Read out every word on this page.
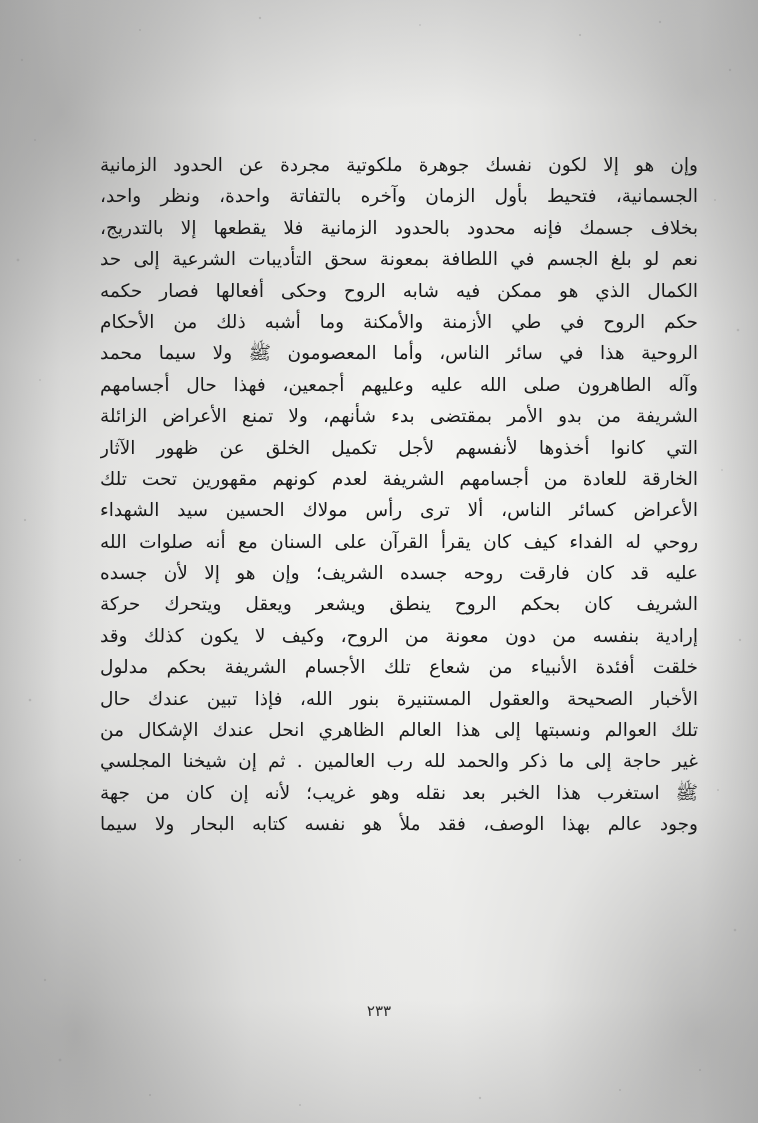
وإن هو إلا لكون نفسك جوهرة ملكوتية مجردة عن الحدود الزمانية
الجسمانية، فتحيط بأول الزمان وآخره بالتفاتة واحدة، ونظر واحد،
بخلاف جسمك فإنه محدود بالحدود الزمانية فلا يقطعها إلا بالتدريج،
نعم لو بلغ الجسم في اللطافة بمعونة سحق التأديبات الشرعية إلى حد
الكمال الذي هو ممكن فيه شابه الروح وحكى أفعالها فصار حكمه
حكم الروح في طي الأزمنة والأمكنة وما أشبه ذلك من الأحكام
الروحية هذا في سائر الناس، وأما المعصومون ﷺ ولا سيما محمد
وآله الطاهرون صلى الله عليه وعليهم أجمعين، فهذا حال أجسامهم
الشريفة من بدو الأمر بمقتضى بدء شأنهم، ولا تمنع الأعراض الزائلة
التي كانوا أخذوها لأنفسهم لأجل تكميل الخلق عن ظهور الآثار
الخارقة للعادة من أجسامهم الشريفة لعدم كونهم مقهورين تحت تلك
الأعراض كسائر الناس، ألا ترى رأس مولاك الحسين سيد الشهداء
روحي له الفداء كيف كان يقرأ القرآن على السنان مع أنه صلوات الله
عليه قد كان فارقت روحه جسده الشريف؛ وإن هو إلا لأن جسده
الشريف كان بحكم الروح ينطق ويشعر ويعقل ويتحرك حركة
إرادية بنفسه من دون معونة من الروح، وكيف لا يكون كذلك وقد
خلقت أفئدة الأنبياء من شعاع تلك الأجسام الشريفة بحكم مدلول
الأخبار الصحيحة والعقول المستنيرة بنور الله، فإذا تبين عندك حال
تلك العوالم ونسبتها إلى هذا العالم الظاهري انحل عندك الإشكال من
غير حاجة إلى ما ذكر والحمد لله رب العالمين . ثم إن شيخنا المجلسي
ﷺ استغرب هذا الخبر بعد نقله وهو غريب؛ لأنه إن كان من جهة
وجود عالم بهذا الوصف، فقد ملأ هو نفسه كتابه البحار ولا سيما
٢٣٣
